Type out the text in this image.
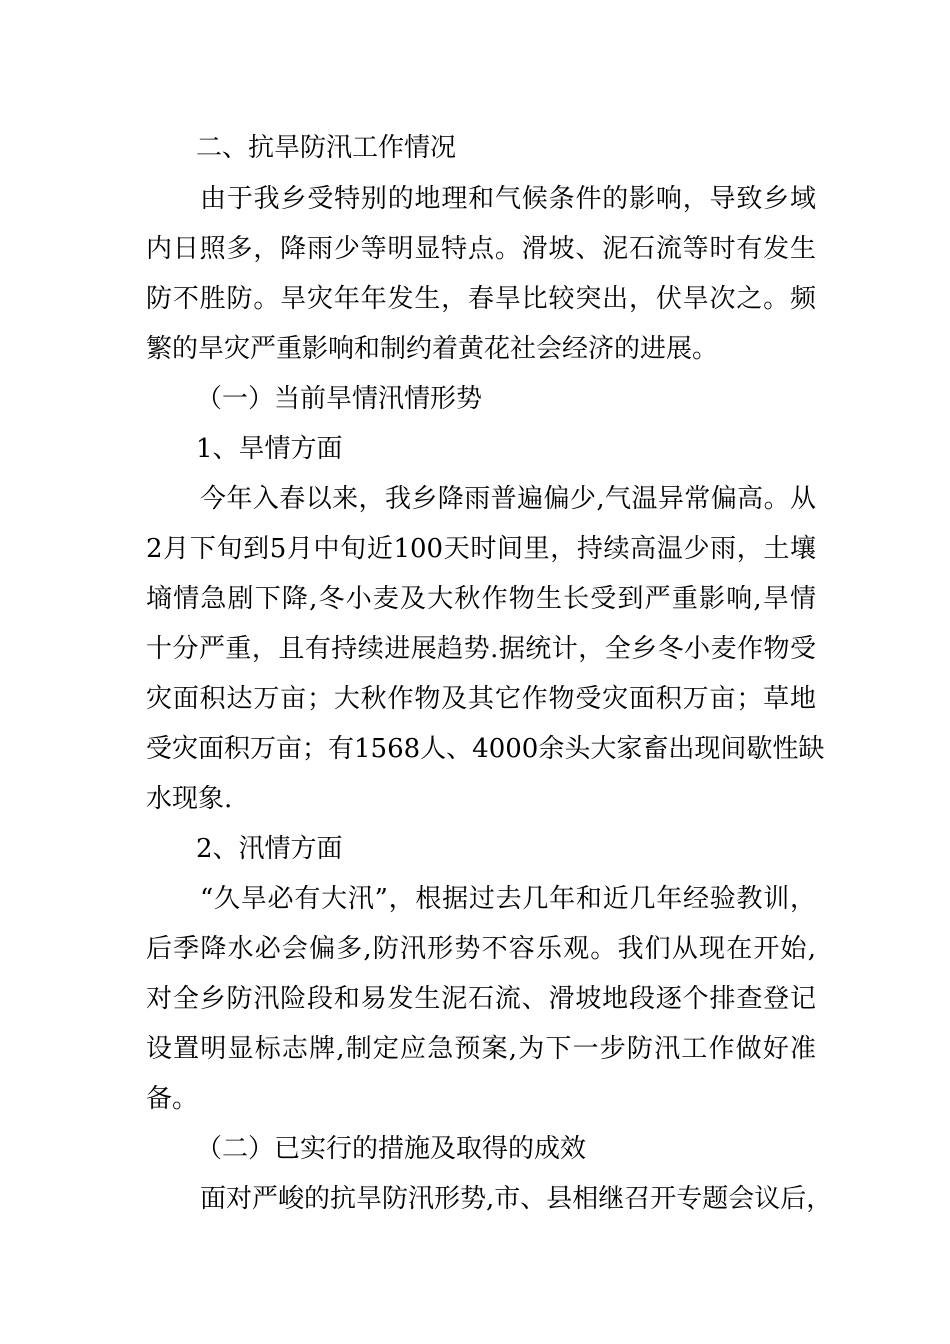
二、抗旱防汛工作情况
由于我乡受特别的地理和气候条件的影响，导致乡域
内日照多，降雨少等明显特点。滑坡、泥石流等时有发生
防不胜防。旱灾年年发生，春旱比较突出，伏旱次之。频
繁的旱灾严重影响和制约着黄花社会经济的进展。
（一）当前旱情汛情形势
1、旱情方面
今年入春以来，我乡降雨普遍偏少,气温异常偏高。从
2月下旬到5月中旬近100天时间里，持续高温少雨，土壤
墒情急剧下降,冬小麦及大秋作物生长受到严重影响,旱情
十分严重，且有持续进展趋势.据统计，全乡冬小麦作物受
灾面积达万亩；大秋作物及其它作物受灾面积万亩；草地
受灾面积万亩；有1568人、4000余头大家畜出现间歇性缺
水现象.
2、汛情方面
“久旱必有大汛”，根据过去几年和近几年经验教训，
后季降水必会偏多,防汛形势不容乐观。我们从现在开始,
对全乡防汛险段和易发生泥石流、滑坡地段逐个排查登记
设置明显标志牌,制定应急预案,为下一步防汛工作做好准
备。
（二）已实行的措施及取得的成效
面对严峻的抗旱防汛形势,市、县相继召开专题会议后，
